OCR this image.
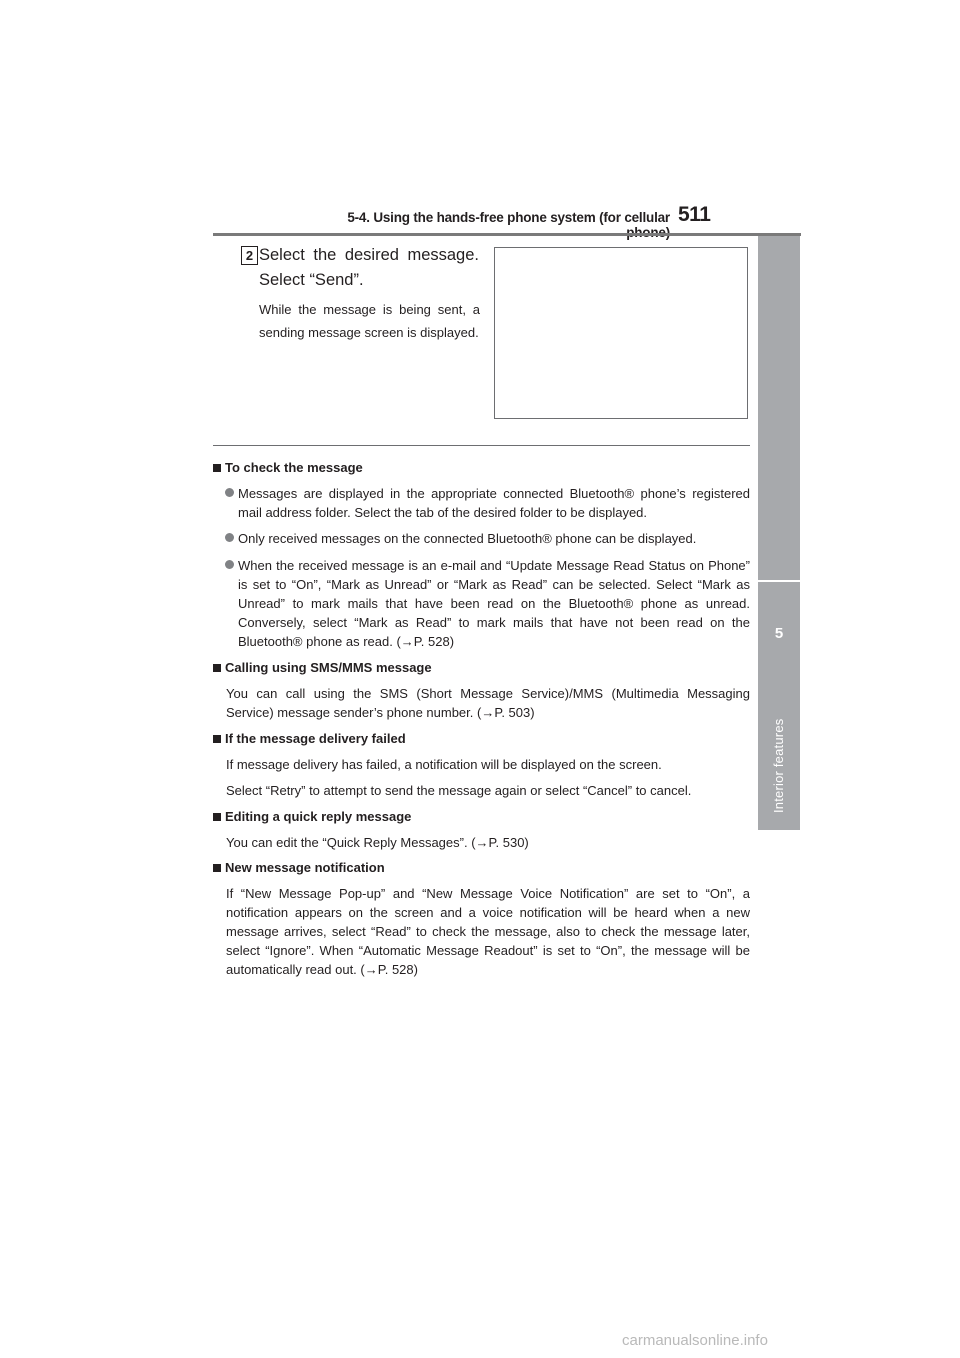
5-4. Using the hands-free phone system (for cellular 511
5
Interior features
2 Select the desired message. Select “Send”.
While the message is being sent, a sending message screen is displayed.
To check the message
Messages are displayed in the appropriate connected Bluetooth® phone’s registered mail address folder. Select the tab of the desired folder to be displayed.
Only received messages on the connected Bluetooth® phone can be displayed.
When the received message is an e-mail and “Update Message Read Status on Phone” is set to “On”, “Mark as Unread” or “Mark as Read” can be selected. Select “Mark as Unread” to mark mails that have been read on the Bluetooth® phone as unread. Conversely, select “Mark as Read” to mark mails that have not been read on the Bluetooth® phone as read. (→P. 528)
Calling using SMS/MMS message
You can call using the SMS (Short Message Service)/MMS (Multimedia Messaging Service) message sender’s phone number. (→P. 503)
If the message delivery failed
If message delivery has failed, a notification will be displayed on the screen.
Select “Retry” to attempt to send the message again or select “Cancel” to cancel.
Editing a quick reply message
You can edit the “Quick Reply Messages”. (→P. 530)
New message notification
If “New Message Pop-up” and “New Message Voice Notification” are set to “On”, a notification appears on the screen and a voice notification will be heard when a new message arrives, select “Read” to check the message, also to check the message later, select “Ignore”. When “Automatic Message Readout” is set to “On”, the message will be automatically read out. (→P. 528)
carmanualsonline.info
